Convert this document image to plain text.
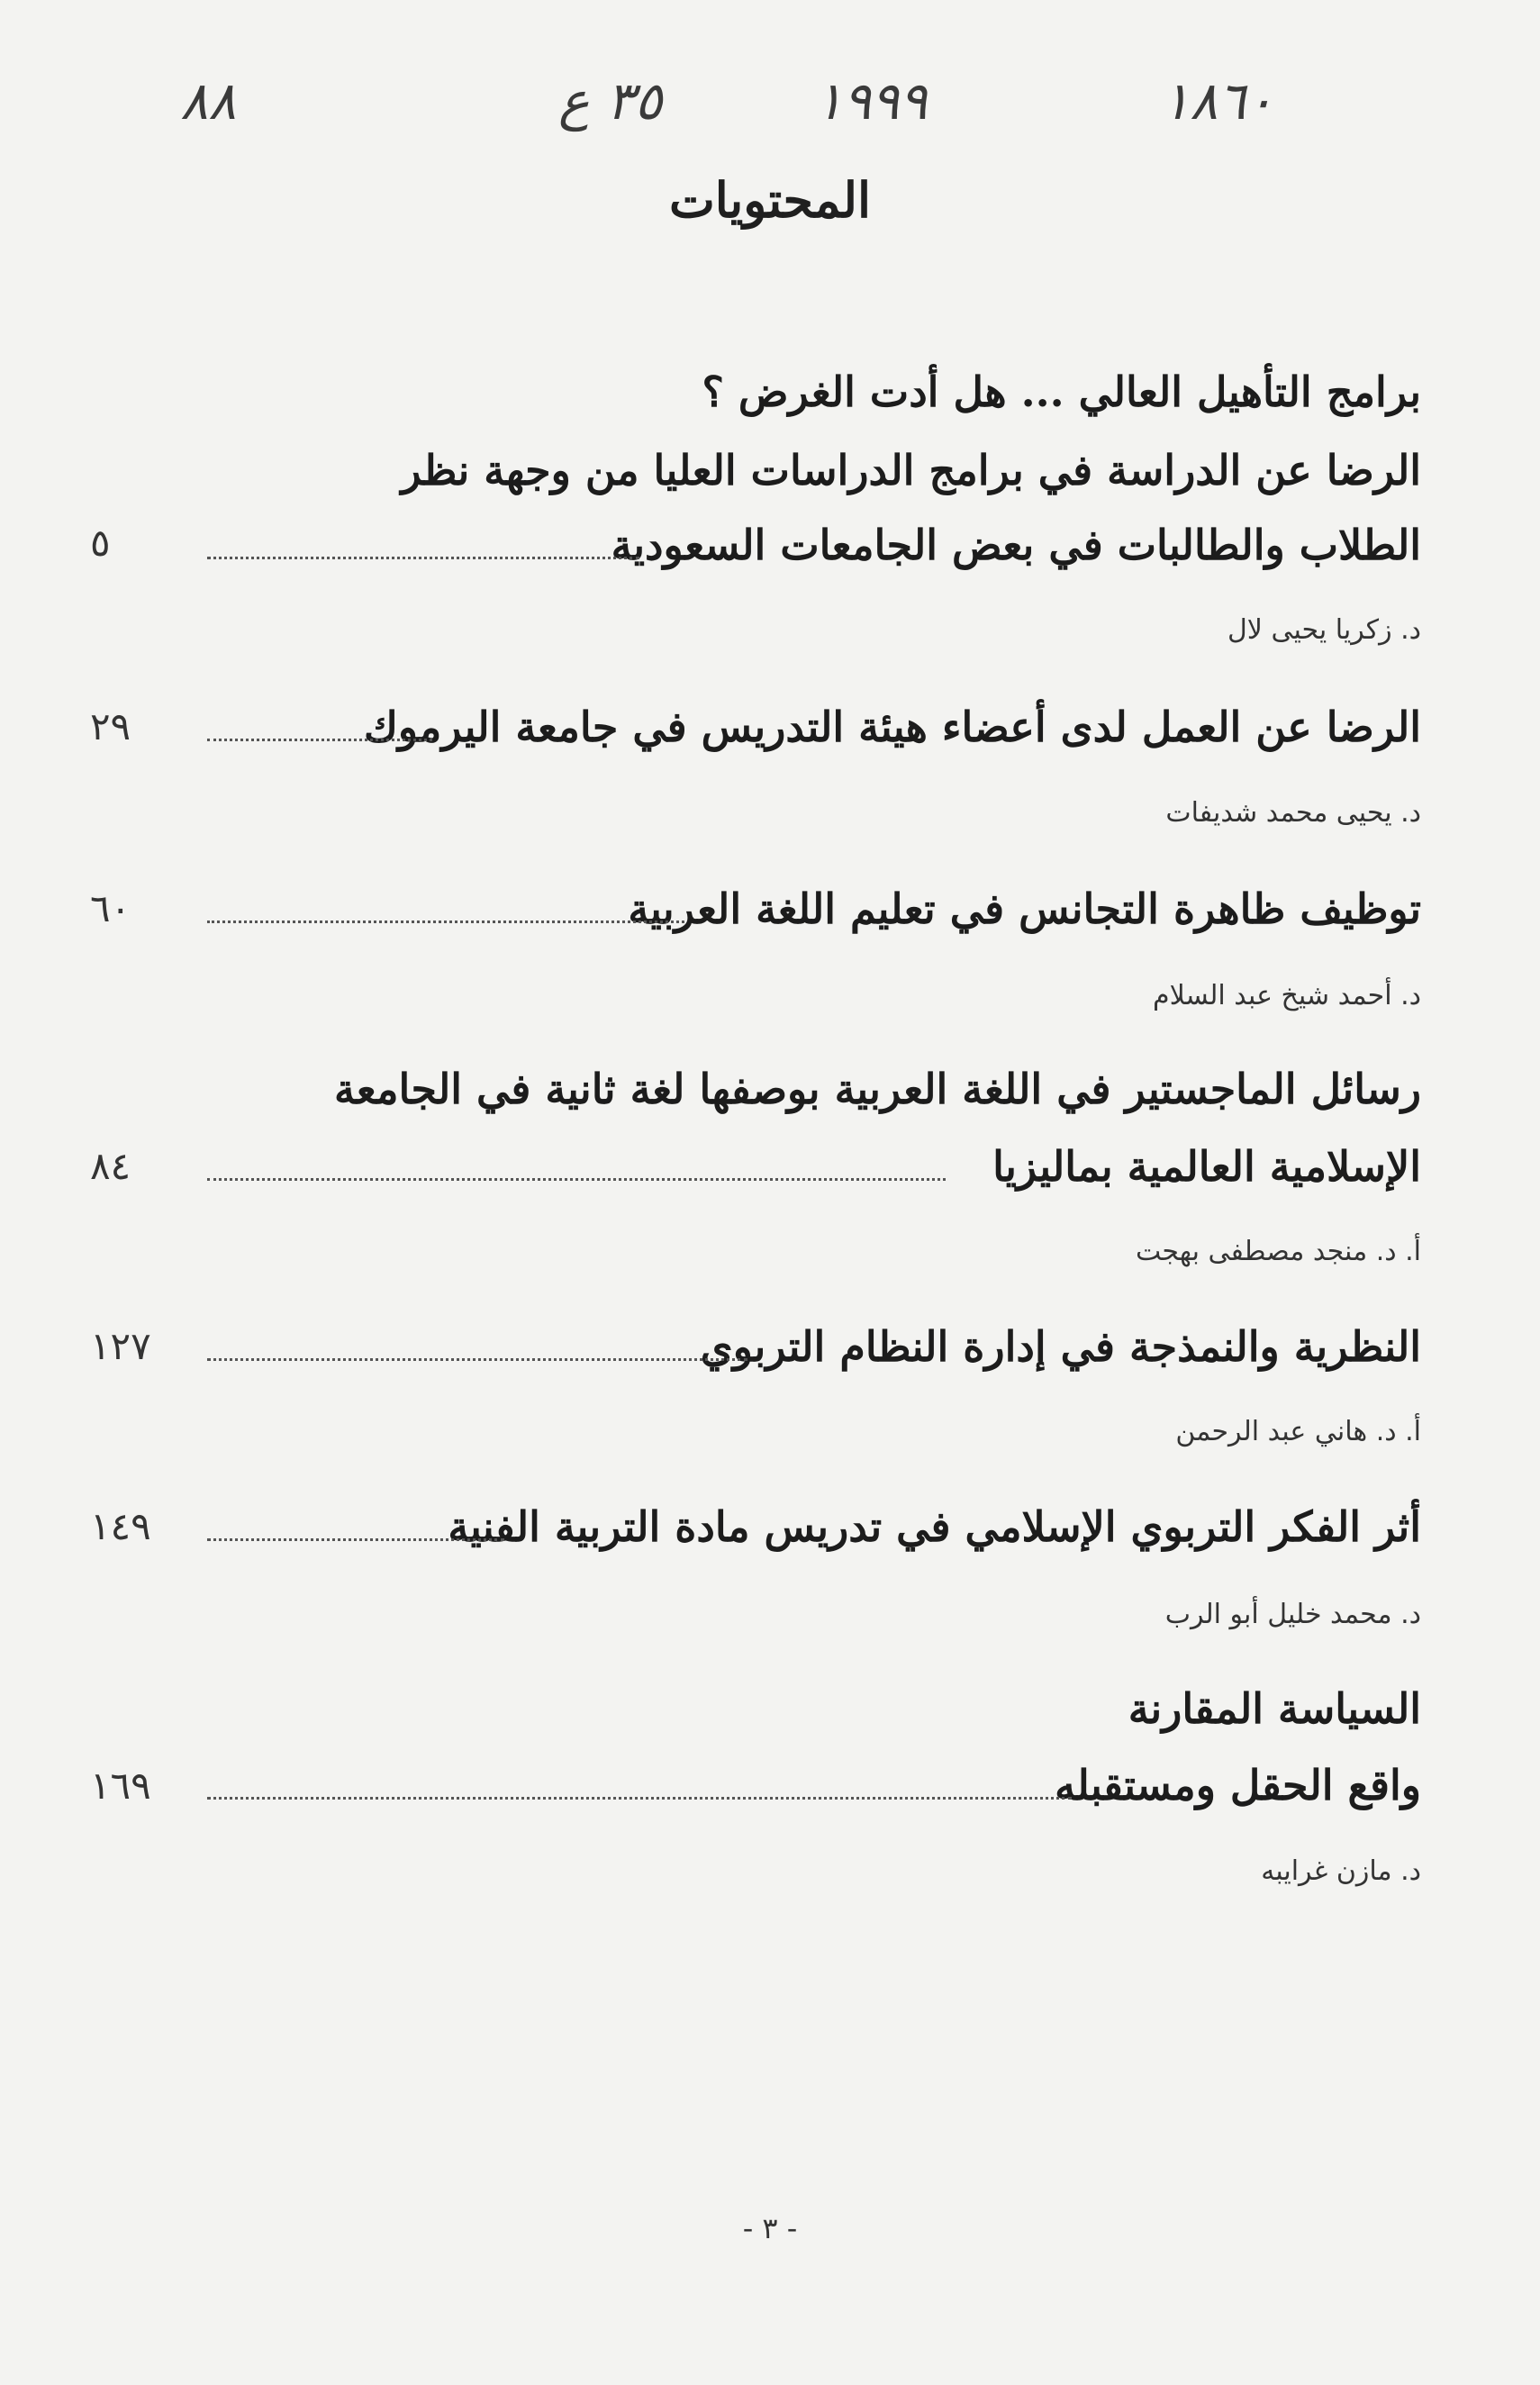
٨٨	٣٥ ع	١٩٩٩	١٨٦٠
المحتويات
برامج التأهيل العالي ... هل أدت الغرض ؟
الرضا عن الدراسة في برامج الدراسات العليا من وجهة نظر
الطلاب والطالبات في بعض الجامعات السعودية
٥
د. زكريا يحيى لال
الرضا عن العمل لدى أعضاء هيئة التدريس في جامعة اليرموك
٢٩
د. يحيى محمد شديفات
توظيف ظاهرة التجانس في تعليم اللغة العربية
٦٠
د. أحمد شيخ عبد السلام
رسائل الماجستير في اللغة العربية بوصفها لغة ثانية في الجامعة
الإسلامية العالمية بماليزيا
٨٤
أ. د. منجد مصطفى بهجت
النظرية والنمذجة في إدارة النظام التربوي
١٢٧
أ. د. هاني عبد الرحمن
أثر الفكر التربوي الإسلامي في تدريس مادة التربية الفنية
١٤٩
د. محمد خليل أبو الرب
السياسة المقارنة
واقع الحقل ومستقبله
١٦٩
د. مازن غرايبه
- ٣ -
